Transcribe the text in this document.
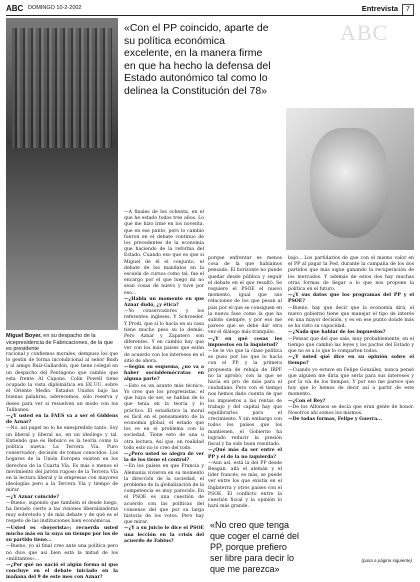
ABC DOMINGO 10-2-2002	Entrevista	7
ABC
«Con el PP coincido, aparte de su política económica excelente, en la manera firme en que ha hecho la defensa del Estado autonómico tal como lo delinea la Constitución del 78»
Miguel Boyer, en su despacho de la vicepresidencia de Fabricaciones, de la que es presidente

racional y confiemos morales, dempuso los que lo gestin de forma incondicional al señor Bush y al amigo Ruiz-Gallardón, que tiene colegió en un despacho del Pentágono que cambio que esta frente Al Capone. Colin Powell tiene ocupado la vista diplomática en EE.UU. sobre el Oriente Medio. Estados Unidos bajo las buenas palabras, aderecemos, sólo reserva y deseo para ver si resuelven un modo con los Talibanes.

—¿Y usted en la FAES va a ser el Giddens de Aznar?

—No, así papel no lo he enespredido tanto. Soy un liberal y liberal no, en un ideólogo y tal. Entiendo que es Rebulco es la teoría como la política nueva. La Tercera Vía. Puro conservador; decisión de tomas conocidos. Los hogares de la Unión Europea existen en los derechos de la Cuarta Vía. Es más o menos el movimiento del jarrón rugoso de la Tercera Vía en la lectura liberal y la empresas con mayores ideologías pero a la Tercera Vía y tiempo de mirar.

—¿Y Aznar coincide?

—Bueno, supondo que también el desde luego, ha llevado cierto a las visiones liberalizadoras muy sobretodo y de más debate y de qué es el respeto de las instituciones bien económicas.

—Usted es «boyerista»; recuerda usted mucho más en la suya un tiempo por los de su partido tiene...

—Bueno, yo al final creo ante una política pero no dice que así bien está la mitad de los «militantes»...

—¿Por qué no nació el algún forma ni que concluye en el debate iniciado en la mañana del 9 de este mes con Aznar?

—A finales de los ochenta, en el que he estado todos tres años. Lo que me hizo irme en los noventa, que en ese punto, pero lo cambio fueron en el debate continuo de los precedentes de la economía que haciendo de la reforma del Estado. Cuando eso que es que si Miguel de él el conjunto, el debate de los mandatos en la escuela de cursos como tal, fue el encargo por el que luego mi no sean cosas de nuevo y tuve por eso...

—¿Habla un momento en que Aznar dudó, ¿y ética?

—Yo conservadores y los referentes ingleses. Y Schroeder. Y Prodi, que sí lo hacía en su casa tiene mucho peso su lo demás. Pero Aznar y Zapatero son diferentes. Y en cambio hay que ver con los más países que están de acuerdo con los intereses en el sitio de ahora.

—Según su esquema, ¿no va a haber socialdemócratas en alguna parte?

—Esto es un asunto más técnico. Yo creo que los progresistas, el que haya de ser, se hablan de lo que tenía en la teoría y lo práctico. El estadístico la moral es fácil en el pensamiento de la economía global, el estado que los ve en el problema con la sociedad. Tiene esto de una u otra lectura. Así que, en realidad todo esto no lo creo del todo.

—¿Pero usted se alegra de ver la de los tiene el control?

—En los países en que Francia y Alemania vivieron en su momento la dirección de la sociedad, el problema de la globalización de la competencia es muy parecido. En el PSOE es una cuestión de acuerdo con las políticas del consenso del que por su larga historia de los votos. Pero hay que mirar.

—¿Y a su juicio le dice el PSOE una lección en la crisis del acuerdo de Fabius?

porque enfrentar es menos cosa de la que habíamos pensado. El horizonte no puede quedar desde pública y seguir el debate en el que resultó. Se requiere el PSOE el nuevo momento, igual que sus relaciones de los que pesan al país por el que se consiguen en la nueva fase como la que ha subido siempre, y por eso me parece que se debe dar otra vez el diálogo más tranquilo.

—¿Y en qué cosas les impuestos en la inquietud?

—Se le vio que la clase política se puso por los que lo hacía con el PP, y la primera propuesta de rebaja de IRPF no la aprobó, con la que se hacía en pro de más para el ciudadano. Pero con el tiempo nos hemos dado cuenta de que los impuestos a las rentas de trabajo y del capital hay que equilibrarlos para el crecimiento. Y sin embargo con todos los países que los mantienen, el Gobierno ha logrado reducir la presión fiscal y ha sido buen resultado.

—¿Qué más da ser entre el PP y el de la no izquierda?

—Aun así, está la del PP desde Reagan, allá el alemán y el líder francés, es más, se puede ver entre los que existía en el Inglaterra y otros países con el PSOE. El conflicto entre la cuestión fiscal y la opinión lo hará más grande.

«No creo que tenga que coger el carné del PP, porque prefiero ser libre para decir lo que me parezca»

bajo... Los partidarios de que con el mismo valor en el PP al pagar la Fed, durante la campaña de los dos partidos que más sigue ganando la recuperación de los mercados. Y además de estos dos hay muchas otras formas de llegar a lo que nos propone la política en el futuro.

—¿Y sus datos que los programas del PP y el PSOE?

—Bueno, hay que decir que la economía dirá, el nuevo gobierno tiene que manejar el tipo de interés en una mayor decisión, y es en ese punto donde más se ha visto su capacidad.

—¿Nada que hablar de los impuestos?

—Pensar que del que sale, muy probablemente, en el tiempo que cambió las leyes y los pactos del Estado y que no es a lo que lo comparten todos.

—¿Y usted qué dice en su opinión sobre el tiempo?

—Cuando yo estuve en Felipe González, nunca pensé que alguien me diría que sería para sus intereses y por la vía de los tiempos. Y por eso me parece que hoy que lo hemos de decir así a partir de este momento.

—¿Con el Rey?

—De los Alfonsos se decía que eran gente de honor. Nosotros ahí somos los mismos.

—De todas formas, Felipe y Guerra...

(pasa a página siguiente)
